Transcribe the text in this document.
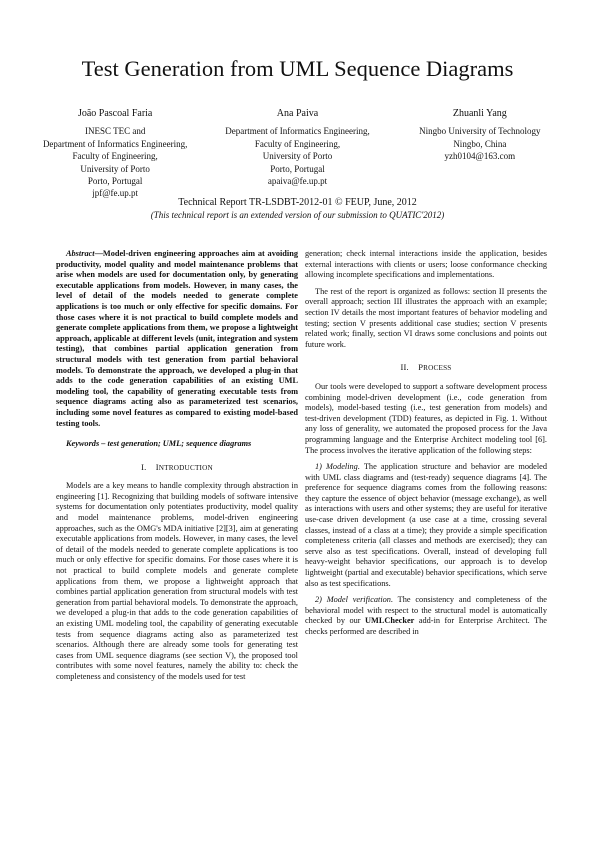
Test Generation from UML Sequence Diagrams
João Pascoal Faria
INESC TEC and
Department of Informatics Engineering,
Faculty of Engineering,
University of Porto
Porto, Portugal
jpf@fe.up.pt
Ana Paiva
Department of Informatics Engineering,
Faculty of Engineering,
University of Porto
Porto, Portugal
apaiva@fe.up.pt
Zhuanli Yang
Ningbo University of Technology
Ningbo, China
yzh0104@163.com
Technical Report TR-LSDBT-2012-01 © FEUP, June, 2012
(This technical report is an extended version of our submission to QUATIC'2012)

Abstract—Model-driven engineering approaches aim at avoiding productivity, model quality and model maintenance problems that arise when models are used for documentation only, by generating executable applications from models. However, in many cases, the level of detail of the models needed to generate complete applications is too much or only effective for specific domains. For those cases where it is not practical to build complete models and generate complete applications from them, we propose a lightweight approach, applicable at different levels (unit, integration and system testing), that combines partial application generation from structural models with test generation from partial behavioral models. To demonstrate the approach, we developed a plug-in that adds to the code generation capabilities of an existing UML modeling tool, the capability of generating executable tests from sequence diagrams acting also as parameterized test scenarios, including some novel features as compared to existing model-based testing tools.

Keywords – test generation; UML; sequence diagrams

I. INTRODUCTION

Models are a key means to handle complexity through abstraction in engineering [1]. Recognizing that building models of software intensive systems for documentation only potentiates productivity, model quality and model maintenance problems, model-driven engineering approaches, such as the OMG's MDA initiative [2][3], aim at generating executable applications from models. However, in many cases, the level of detail of the models needed to generate complete applications is too much or only effective for specific domains. For those cases where it is not practical to build complete models and generate complete applications from them, we propose a lightweight approach that combines partial application generation from structural models with test generation from partial behavioral models. To demonstrate the approach, we developed a plug-in that adds to the code generation capabilities of an existing UML modeling tool, the capability of generating executable tests from sequence diagrams acting also as parameterized test scenarios. Although there are already some tools for generating test cases from UML sequence diagrams (see section V), the proposed tool contributes with some novel features, namely the ability to: check the completeness and consistency of the models used for test

generation; check internal interactions inside the application, besides external interactions with clients or users; loose conformance checking allowing incomplete specifications and implementations.

The rest of the report is organized as follows: section II presents the overall approach; section III illustrates the approach with an example; section IV details the most important features of behavior modeling and testing; section V presents additional case studies; section V presents related work; finally, section VI draws some conclusions and points out future work.

II. PROCESS

Our tools were developed to support a software development process combining model-driven development (i.e., code generation from models), model-based testing (i.e., test generation from models) and test-driven development (TDD) features, as depicted in Fig. 1. Without any loss of generality, we automated the proposed process for the Java programming language and the Enterprise Architect modeling tool [6]. The process involves the iterative application of the following steps:

1) Modeling. The application structure and behavior are modeled with UML class diagrams and (test-ready) sequence diagrams [4]. The preference for sequence diagrams comes from the following reasons: they capture the essence of object behavior (message exchange), as well as interactions with users and other systems; they are useful for iterative use-case driven development (a use case at a time, crossing several classes, instead of a class at a time); they provide a simple specification completeness criteria (all classes and methods are exercised); they can serve also as test specifications. Overall, instead of developing full heavy-weight behavior specifications, our approach is to develop lightweight (partial and executable) behavior specifications, which serve also as test specifications.

2) Model verification. The consistency and completeness of the behavioral model with respect to the structural model is automatically checked by our UMLChecker add-in for Enterprise Architect. The checks performed are described in
